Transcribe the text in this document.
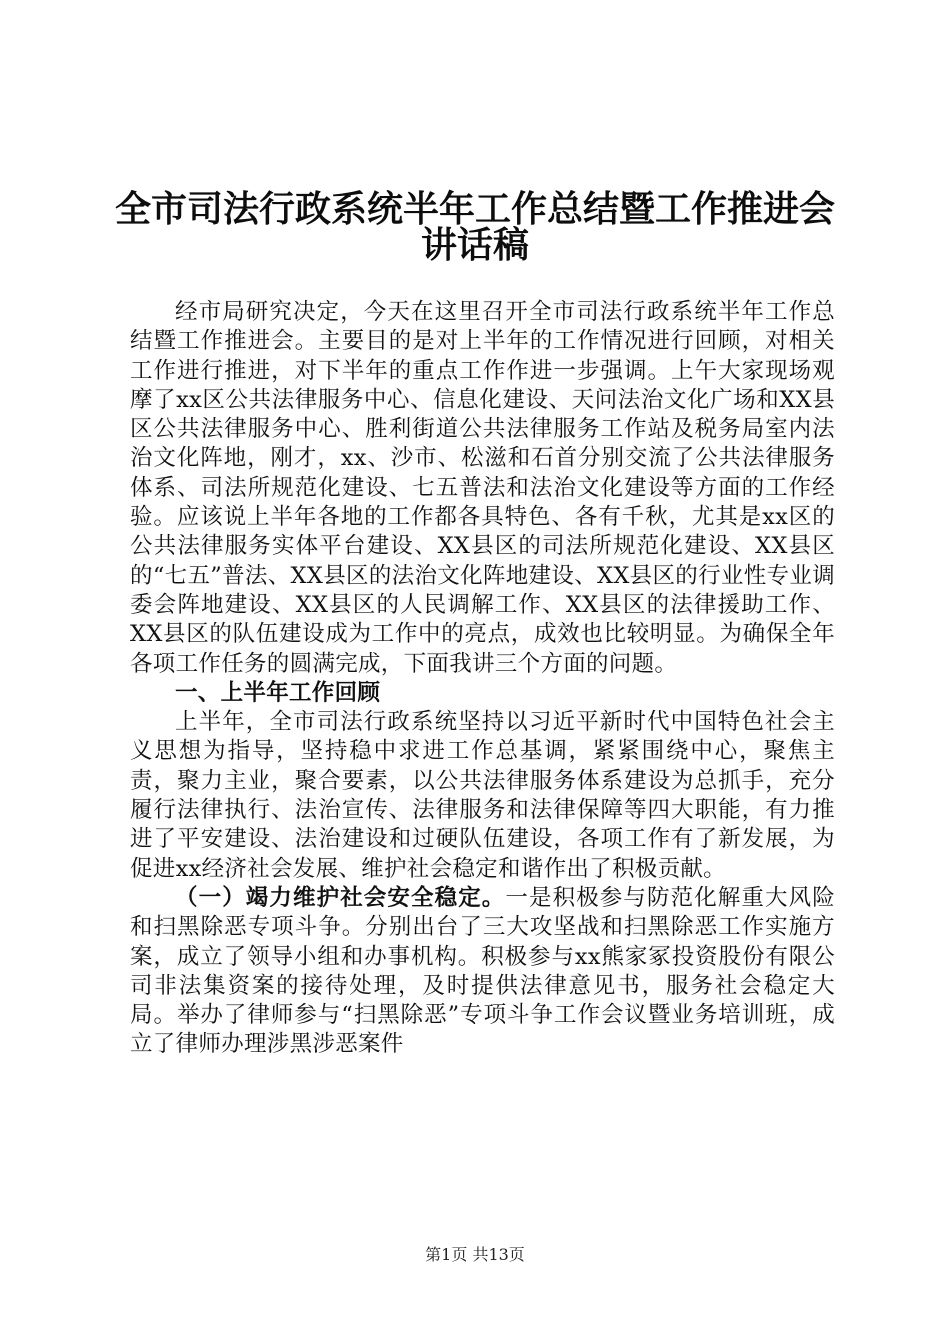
全市司法行政系统半年工作总结暨工作推进会
讲话稿

经市局研究决定，今天在这里召开全市司法行政系统半年工作总结暨工作推进会。主要目的是对上半年的工作情况进行回顾，对相关工作进行推进，对下半年的重点工作作进一步强调。上午大家现场观摩了xx区公共法律服务中心、信息化建设、天问法治文化广场和XX县区公共法律服务中心、胜利街道公共法律服务工作站及税务局室内法治文化阵地，刚才，xx、沙市、松滋和石首分别交流了公共法律服务体系、司法所规范化建设、七五普法和法治文化建设等方面的工作经验。应该说上半年各地的工作都各具特色、各有千秋，尤其是xx区的公共法律服务实体平台建设、XX县区的司法所规范化建设、XX县区的“七五”普法、XX县区的法治文化阵地建设、XX县区的行业性专业调委会阵地建设、XX县区的人民调解工作、XX县区的法律援助工作、XX县区的队伍建设成为工作中的亮点，成效也比较明显。为确保全年各项工作任务的圆满完成，下面我讲三个方面的问题。

一、上半年工作回顾

上半年，全市司法行政系统坚持以习近平新时代中国特色社会主义思想为指导，坚持稳中求进工作总基调，紧紧围绕中心，聚焦主责，聚力主业，聚合要素，以公共法律服务体系建设为总抓手，充分履行法律执行、法治宣传、法律服务和法律保障等四大职能，有力推进了平安建设、法治建设和过硬队伍建设，各项工作有了新发展，为促进xx经济社会发展、维护社会稳定和谐作出了积极贡献。

（一）竭力维护社会安全稳定。一是积极参与防范化解重大风险和扫黑除恶专项斗争。分别出台了三大攻坚战和扫黑除恶工作实施方案，成立了领导小组和办事机构。积极参与xx熊家冢投资股份有限公司非法集资案的接待处理，及时提供法律意见书，服务社会稳定大局。举办了律师参与“扫黑除恶”专项斗争工作会议暨业务培训班，成立了律师办理涉黑涉恶案件

第1页 共13页
